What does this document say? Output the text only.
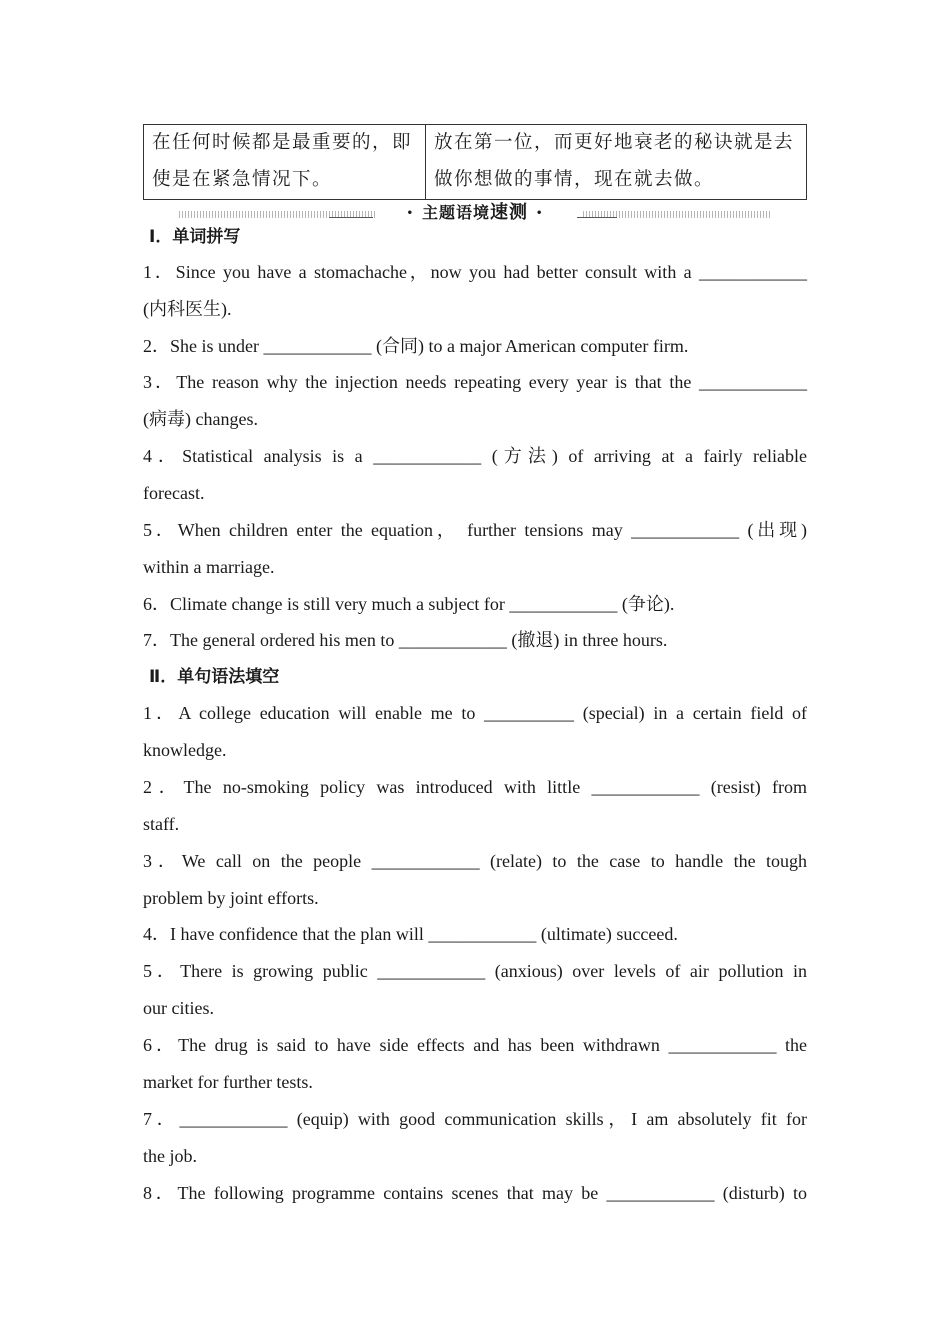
在任何时候都是最重要的，即
使是在紧急情况下。

放在第一位，而更好地衰老的秘诀就是去
做你想做的事情，现在就去做。
• 主题语境速测 •
Ⅰ．单词拼写
1．Since you have a stomachache，now you had better consult with a ____________
(内科医生).
2．She is under ____________ (合同) to a major American computer firm.
3．The reason why the injection needs repeating every year is that the ____________
(病毒) changes.
4．Statistical analysis is a ____________ (方法) of arriving at a fairly reliable
forecast.
5．When children enter the equation， further tensions may ____________ (出现)
within a marriage.
6．Climate change is still very much a subject for ____________ (争论).
7．The general ordered his men to ____________ (撤退) in three hours.
Ⅱ．单句语法填空
1．A college education will enable me to __________ (special) in a certain field of
knowledge.
2．The no-smoking policy was introduced with little ____________ (resist) from
staff.
3．We call on the people ____________ (relate) to the case to handle the tough
problem by joint efforts.
4．I have confidence that the plan will ____________ (ultimate) succeed.
5．There is growing public ____________ (anxious) over levels of air pollution in
our cities.
6．The drug is said to have side effects and has been withdrawn ____________ the
market for further tests.
7．____________ (equip) with good communication skills，I am absolutely fit for
the job.
8．The following programme contains scenes that may be ____________ (disturb) to
